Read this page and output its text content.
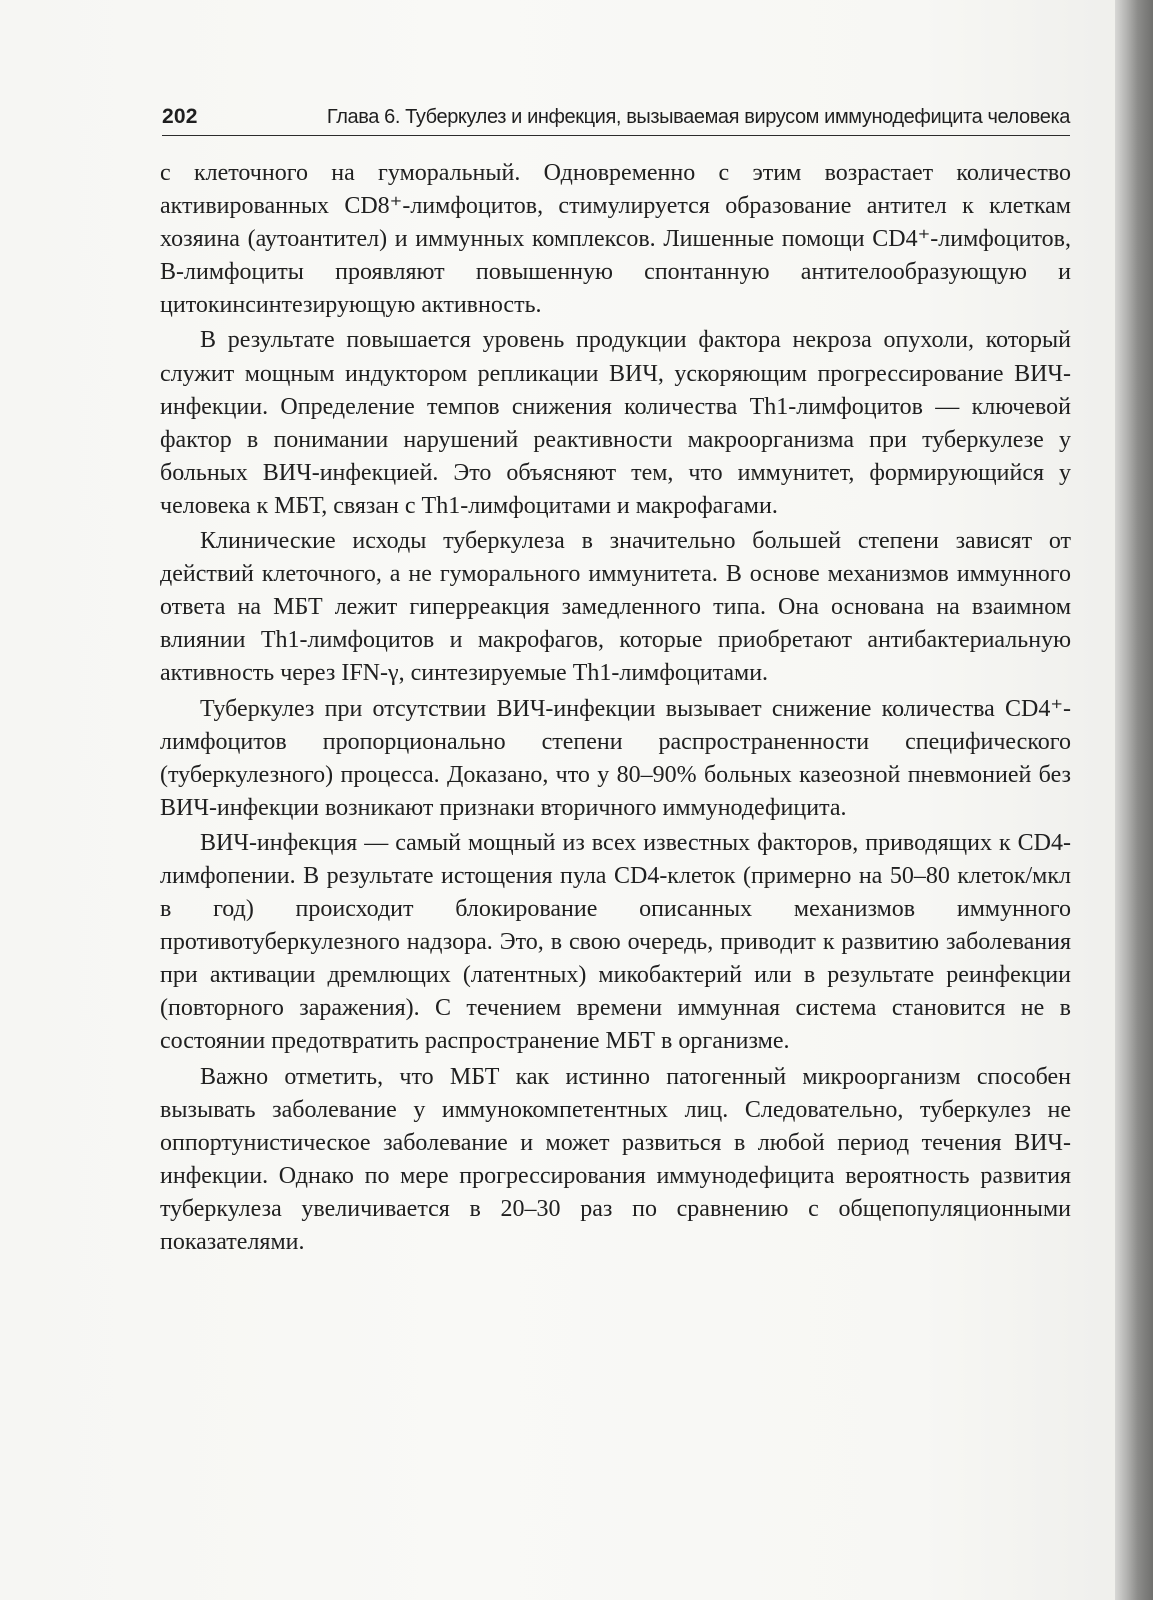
202	Глава 6. Туберкулез и инфекция, вызываемая вирусом иммунодефицита человека

с клеточного на гуморальный. Одновременно с этим возрастает количество активированных CD8⁺-лимфоцитов, стимулируется образование антител к клеткам хозяина (аутоантител) и иммунных комплексов. Лишенные помощи CD4⁺-лимфоцитов, В-лимфоциты проявляют повышенную спонтанную антителообразующую и цитокинсинтезирующую активность.

В результате повышается уровень продукции фактора некроза опухоли, который служит мощным индуктором репликации ВИЧ, ускоряющим прогрессирование ВИЧ-инфекции. Определение темпов снижения количества Th1-лимфоцитов — ключевой фактор в понимании нарушений реактивности макроорганизма при туберкулезе у больных ВИЧ-инфекцией. Это объясняют тем, что иммунитет, формирующийся у человека к МБТ, связан с Th1-лимфоцитами и макрофагами.

Клинические исходы туберкулеза в значительно большей степени зависят от действий клеточного, а не гуморального иммунитета. В основе механизмов иммунного ответа на МБТ лежит гиперреакция замедленного типа. Она основана на взаимном влиянии Th1-лимфоцитов и макрофагов, которые приобретают антибактериальную активность через IFN-γ, синтезируемые Th1-лимфоцитами.

Туберкулез при отсутствии ВИЧ-инфекции вызывает снижение количества CD4⁺-лимфоцитов пропорционально степени распространенности специфического (туберкулезного) процесса. Доказано, что у 80–90% больных казеозной пневмонией без ВИЧ-инфекции возникают признаки вторичного иммунодефицита.

ВИЧ-инфекция — самый мощный из всех известных факторов, приводящих к CD4-лимфопении. В результате истощения пула CD4-клеток (примерно на 50–80 клеток/мкл в год) происходит блокирование описанных механизмов иммунного противотуберкулезного надзора. Это, в свою очередь, приводит к развитию заболевания при активации дремлющих (латентных) микобактерий или в результате реинфекции (повторного заражения). С течением времени иммунная система становится не в состоянии предотвратить распространение МБТ в организме.

Важно отметить, что МБТ как истинно патогенный микроорганизм способен вызывать заболевание у иммунокомпетентных лиц. Следовательно, туберкулез не оппортунистическое заболевание и может развиться в любой период течения ВИЧ-инфекции. Однако по мере прогрессирования иммунодефицита вероятность развития туберкулеза увеличивается в 20–30 раз по сравнению с общепопуляционными показателями.
